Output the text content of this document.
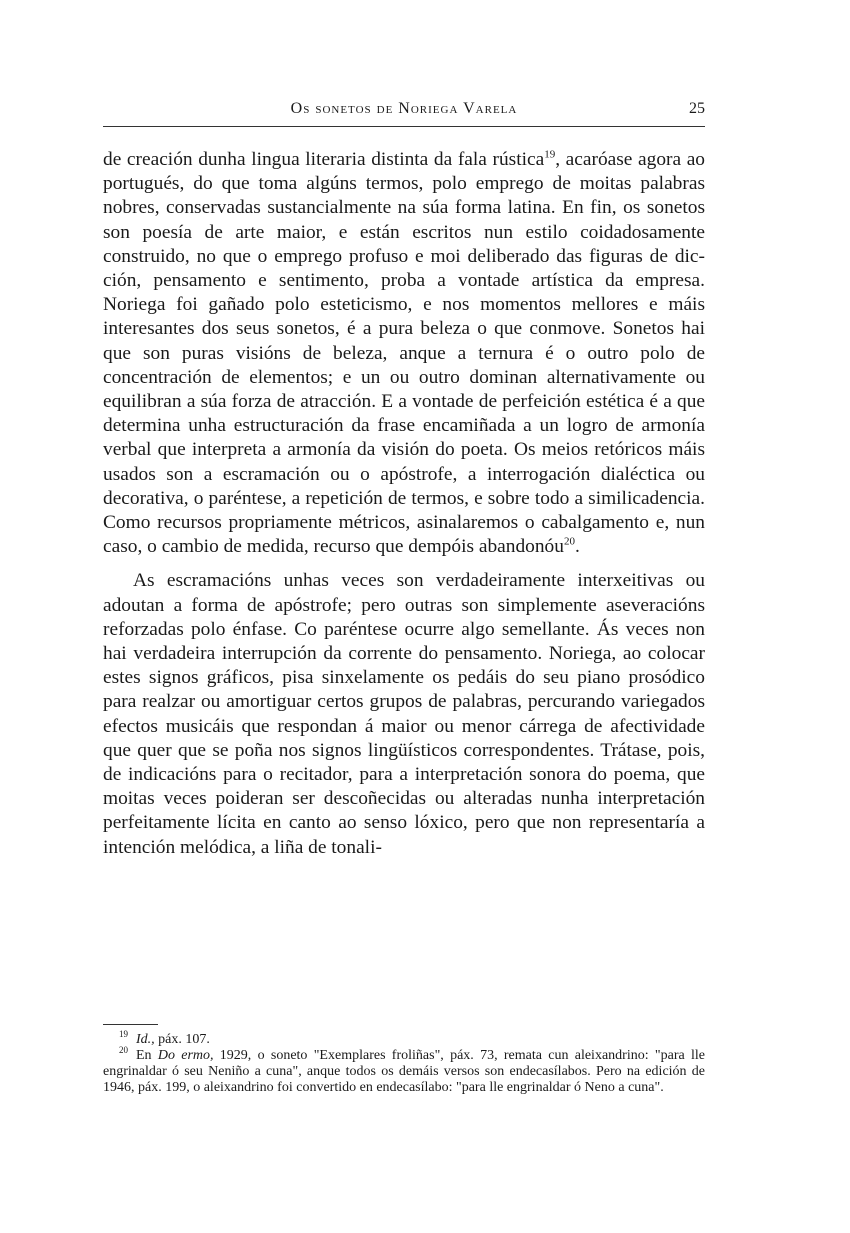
Os sonetos de Noriega Varela	25

de creación dunha lingua literaria distinta da fala rústica$^{19}$, acaróase agora ao portugués, do que toma algúns termos, polo emprego de moitas palabras nobres, conservadas sustancialmente na súa forma latina. En fin, os sonetos son poesía de arte maior, e están escritos nun estilo coidadosamente construido, no que o emprego profuso e moi deliberado das figuras de dicción, pensamento e sentimento, proba a vontade artística da empresa. Noriega foi gañado polo esteticismo, e nos momentos mellores e máis interesantes dos seus sonetos, é a pura beleza o que conmove. Sonetos hai que son puras visións de beleza, anque a ternura é o outro polo de concentración de elementos; e un ou outro dominan alternativamente ou equilibran a súa forza de atracción. E a vontade de perfeición estética é a que determina unha estructuración da frase encamiñada a un logro de armonía verbal que interpreta a armonía da visión do poeta. Os meios retóricos máis usados son a escramación ou o apóstrofe, a interrogación dialéctica ou decorativa, o paréntese, a repetición de termos, e sobre todo a similicadencia. Como recursos propriamente métricos, asinalaremos o cabalgamento e, nun caso, o cambio de medida, recurso que dempóis abandonóu$^{20}$.

As escramacións unhas veces son verdadeiramente interxeitivas ou adoutan a forma de apóstrofe; pero outras son simplemente aseveracións reforzadas polo énfase. Co paréntese ocurre algo semellante. Ás veces non hai verdadeira interrupción da corrente do pensamento. Noriega, ao colocar estes signos gráficos, pisa sinxelamente os pedáis do seu piano prosódico para realzar ou amortiguar certos grupos de palabras, percurando variegados efectos musicáis que respondan á maior ou menor cárrega de afectividade que quer que se poña nos signos lingüísticos correspondentes. Trátase, pois, de indicacións para o recitador, para a interpretación sonora do poema, que moitas veces poideran ser descoñecidas ou alteradas nunha interpretación perfeitamente lícita en canto ao senso lóxico, pero que non representaría a intención melódica, a liña de tonali-

$^{19}$ Id., páx. 107.

$^{20}$ En Do ermo, 1929, o soneto "Exemplares froliñas", páx. 73, remata cun aleixandrino: "para lle engrinaldar ó seu Neniño a cuna", anque todos os demáis versos son endecasílabos. Pero na edición de 1946, páx. 199, o aleixandrino foi convertido en endecasílabo: "para lle engrinaldar ó Neno a cuna".
